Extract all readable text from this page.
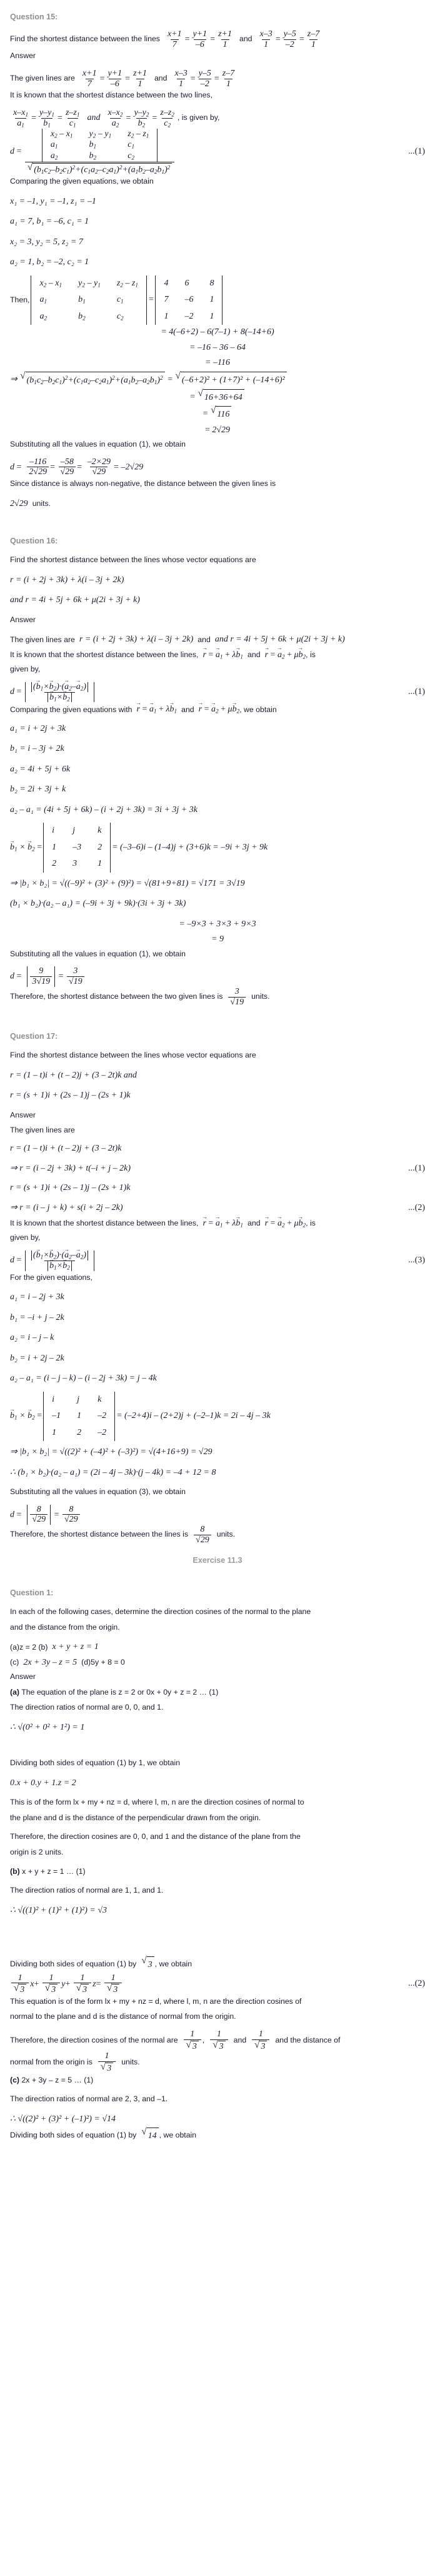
Question 15:
Find the shortest distance between the lines $\frac{x+1}{7} = \frac{y+1}{-6} = \frac{z+1}{1}$ and $\frac{x-3}{1} = \frac{y-5}{-2} = \frac{z-7}{1}$

Answer

The given lines are $\frac{x+1}{7} = \frac{y+1}{-6} = \frac{z+1}{1}$ and $\frac{x-3}{1} = \frac{y-5}{-2} = \frac{z-7}{1}$

It is known that the shortest distance between the two lines,

$\frac{x-x_1}{a_1} = \frac{y-y_1}{b_1} = \frac{z-z_1}{c_1}$ and $\frac{x-x_2}{a_2} = \frac{y-y_2}{b_2} = \frac{z-z_2}{c_2}$ , is given by,
$d = x_2 - x_1$	$y_2 - y_1$	$z_2 - z_1$
$a_1$	$b_1$	$c_1$
$a_2$	$b_2$	$c_2$
√ $(b_1c_2-b_2c_1)^2+(c_1a_2-c_2a_1)^2+(a_1b_2-a_2b_1)^2$	...(1)

Comparing the given equations, we obtain

x₁ = –1, y₁ = –1, z₁ = –1
a₁ = 7, b₁ = –6, c₁ = 1
x₂ = 3, y₂ = 5, z₂ = 7
a₂ = 1, b₂ = –2, c₂ = 1
Then,
$x_2 - x_1$	$y_2 - y_1$	$z_2 - z_1$
$a_1$	$b_1$	$c_1$
$a_2$	$b_2$	$c_2$
=
4	6	8
7	–6	1
1	–2	1
= 4(–6+2) – 6(7–1) + 8(–14+6)
= –16 – 36 – 64
= –116
⇒ √ $(b_1c_2-b_2c_1)^2+(c_1a_2-c_2a_1)^2+(a_1b_2-a_2b_1)^2$ = √ (–6+2)² + (1+7)² + (–14+6)²
= √ 16+36+64
= √ 116
= 2√29

Substituting all the values in equation (1), we obtain

$d = \frac{-116}{2√29} = \frac{-58}{√29} = \frac{-2\times 29}{√29} = -2√29$

Since distance is always non-negative, the distance between the given lines is

2√29 units.
Question 16:

Find the shortest distance between the lines whose vector equations are

r = (i + 2j + 3k) + λ(i – 3j + 2k)
and r = 4i + 5j + 6k + μ(2i + 3j + k)

Answer

The given lines are r = (i + 2j + 3k) + λ(i – 3j + 2k) and and r = 4i + 5j + 6k + μ(2i + 3j + k)
It is known that the shortest distance between the lines, r → = $a \to_1 + \lambda b \to_1$ and r → = $a \to_2 + \mu b \to_2$ , is

given by,

d =
$(b \to_1\times b \to_2)\cdot(a \to_2-a \to_2)$
$b \to_1\times b \to_2$
...(1)
Comparing the given equations with r → = $a \to_1 + \lambda b \to_1$ and r → = $a \to_2 + \mu b \to_2$ , we obtain
a₁ = i + 2j + 3k
b₁ = i – 3j + 2k
a₂ = 4i + 5j + 6k
b₂ = 2i + 3j + k
a₂ – a₁ = (4i + 5j + 6k) – (i + 2j + 3k) = 3i + 3j + 3k
$b \to_1 \times b \to_2$ =
i	j	k
1	–3	2
2	3	1
= (–3–6)i – (1–4)j + (3+6)k = –9i + 3j + 9k
⇒ |b₁ × b₂| = √((–9)² + (3)² + (9)²) = √(81+9+81) = √171 = 3√19
(b₁ × b₂)·(a₂ – a₁) = (–9i + 3j + 9k)·(3i + 3j + 3k)
= –9×3 + 3×3 + 9×3
= 9

Substituting all the values in equation (1), we obtain

d =
9
3√19
= $\frac{3}{√19}$
Therefore, the shortest distance between the two given lines is $\frac{3}{√19}$ units.
Question 17:

Find the shortest distance between the lines whose vector equations are

r = (1 – t)i + (t – 2)j + (3 – 2t)k and
r = (s + 1)i + (2s – 1)j – (2s + 1)k

Answer

The given lines are

r = (1 – t)i + (t – 2)j + (3 – 2t)k
⇒ r = (i – 2j + 3k) + t(–i + j – 2k)	...(1)
r = (s + 1)i + (2s – 1)j – (2s + 1)k
⇒ r = (i – j + k) + s(i + 2j – 2k)	...(2)
It is known that the shortest distance between the lines, r → = $a \to_1 + \lambda b \to_1$ and r → = $a \to_2 + \mu b \to_2$ , is

given by,

d =
$(b \to_1\times b \to_2)\cdot(a \to_2-a \to_2)$
$b \to_1\times b \to_2$
...(3)

For the given equations,

a₁ = i – 2j + 3k
b₁ = –i + j – 2k
a₂ = i – j – k
b₂ = i + 2j – 2k
a₂ – a₁ = (i – j – k) – (i – 2j + 3k) = j – 4k
$b \to_1 \times b \to_2$ =
i	j	k
–1	1	–2
1	2	–2
= (–2+4)i – (2+2)j + (–2–1)k = 2i – 4j – 3k
⇒ |b₁ × b₂| = √((2)² + (–4)² + (–3)²) = √(4+16+9) = √29
∴ (b₁ × b₂)·(a₂ – a₁) = (2i – 4j – 3k)·(j – 4k) = –4 + 12 = 8

Substituting all the values in equation (3), we obtain

d =
8
√29
= $\frac{8}{√29}$
Therefore, the shortest distance between the lines is $\frac{8}{√29}$ units.
Exercise 11.3
Question 1:

In each of the following cases, determine the direction cosines of the normal to the plane

and the distance from the origin.

(a)z = 2 (b) x + y + z = 1
(c) 2x + 3y – z = 5 (d)5y + 8 = 0

Answer

(a) The equation of the plane is z = 2 or 0x + 0y + z = 2 … (1)

The direction ratios of normal are 0, 0, and 1.

∴ √(0² + 0² + 1²) = 1

Dividing both sides of equation (1) by 1, we obtain

0.x + 0.y + 1.z = 2

This is of the form lx + my + nz = d, where l, m, n are the direction cosines of normal to

the plane and d is the distance of the perpendicular drawn from the origin.

Therefore, the direction cosines are 0, 0, and 1 and the distance of the plane from the

origin is 2 units.

(b) x + y + z = 1 … (1)

The direction ratios of normal are 1, 1, and 1.

∴ √((1)² + (1)² + (1)²) = √3
Dividing both sides of equation (1) by √ 3 , we obtain
$\frac{1}{√ 3} x+ \frac{1}{√ 3} y+ \frac{1}{√ 3} z= \frac{1}{√ 3}$	...(2)

This equation is of the form lx + my + nz = d, where l, m, n are the direction cosines of

normal to the plane and d is the distance of normal from the origin.

Therefore, the direction cosines of the normal are $\frac{1}{√ 3}$ , $\frac{1}{√ 3}$ and $\frac{1}{√ 3}$ and the distance of
normal from the origin is $\frac{1}{√ 3}$ units.

(c) 2x + 3y – z = 5 … (1)

The direction ratios of normal are 2, 3, and –1.

∴ √((2)² + (3)² + (–1)²) = √14
Dividing both sides of equation (1) by √ 14 , we obtain
